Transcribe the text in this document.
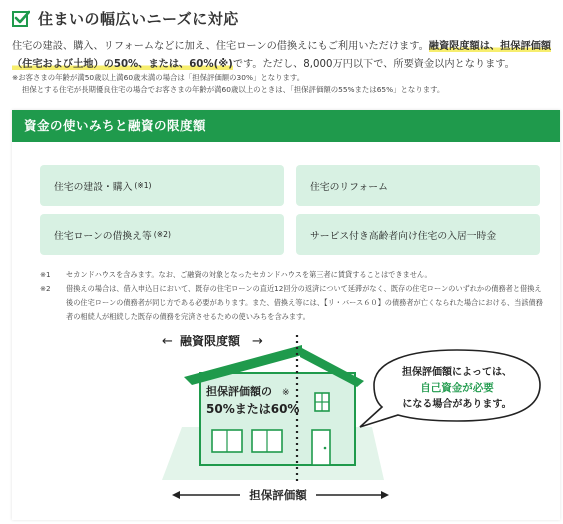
住まいの幅広いニーズに対応
住宅の建設、購入、リフォームなどに加え、住宅ローンの借換えにもご利用いただけます。融資限度額は、担保評価額（住宅および土地）の50%、または、60%(※)です。ただし、8,000万円以下で、所要資金以内となります。
※お客さまの年齢が満50歳以上満60歳未満の場合は「担保評価額の30%」となります。
担保とする住宅が長期優良住宅の場合でお客さまの年齢が満60歳以上のときは、「担保評価額の55%または65%」となります。
資金の使いみちと融資の限度額
住宅の建設・購入 (※1)	住宅のリフォーム
住宅ローンの借換え等 (※2)	サービス付き高齢者向け住宅の入居一時金
※1	セカンドハウスを含みます。なお、ご融資の対象となったセカンドハウスを第三者に賃貸することはできません。
※2	借換えの場合は、借入申込日において、既存の住宅ローンの直近12回分の返済について延滞がなく、既存の住宅ローンのいずれかの債務者と借換え後の住宅ローンの債務者が同じ方である必要があります。また、借換え等には、【リ・バース６０】の債務者が亡くなられた場合における、当該債務者の相続人が相続した既存の債務を完済させるための使いみちを含みます。
← 融資限度額 →
担保評価額の ※
50%または60%
担保評価額
担保評価額によっては、
自己資金が必要
になる場合があります。
